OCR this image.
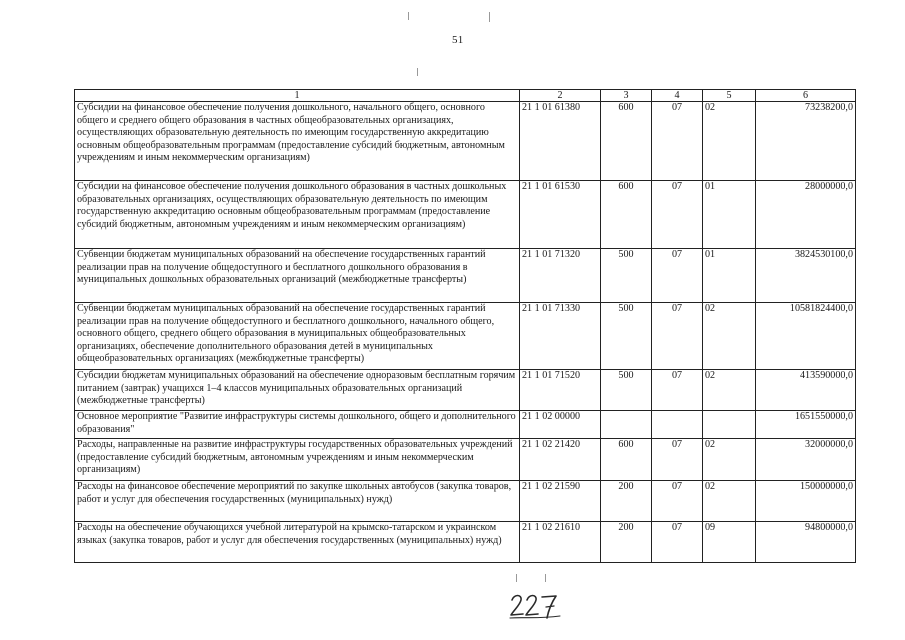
51
1	2	3	4	5	6
Субсидии на финансовое обеспечение получения дошкольного, начального общего, основного общего и среднего общего образования в частных общеобразовательных организациях, осуществляющих образовательную деятельность по имеющим государственную аккредитацию основным общеобразовательным программам (предоставление субсидий бюджетным, автономным учреждениям и иным некоммерческим организациям)	21 1 01 61380	600	07	02	73238200,0
Субсидии на финансовое обеспечение получения дошкольного образования в частных дошкольных образовательных организациях, осуществляющих образовательную деятельность по имеющим государственную аккредитацию основным общеобразовательным программам (предоставление субсидий бюджетным, автономным учреждениям и иным некоммерческим организациям)	21 1 01 61530	600	07	01	28000000,0
Субвенции бюджетам муниципальных образований на обеспечение государственных гарантий реализации прав на получение общедоступного и бесплатного дошкольного образования в муниципальных дошкольных образовательных организаций (межбюджетные трансферты)	21 1 01 71320	500	07	01	3824530100,0
Субвенции бюджетам муниципальных образований на обеспечение государственных гарантий реализации прав на получение общедоступного и бесплатного дошкольного, начального общего, основного общего, среднего общего образования в муниципальных общеобразовательных организациях, обеспечение дополнительного образования детей в муниципальных общеобразовательных организациях (межбюджетные трансферты)	21 1 01 71330	500	07	02	10581824400,0
Субсидии бюджетам муниципальных образований на обеспечение одноразовым бесплатным горячим питанием (завтрак) учащихся 1–4 классов муниципальных образовательных организаций (межбюджетные трансферты)	21 1 01 71520	500	07	02	413590000,0
Основное мероприятие "Развитие инфраструктуры системы дошкольного, общего и дополнительного образования"	21 1 02 00000				1651550000,0
Расходы, направленные на развитие инфраструктуры государственных образовательных учреждений (предоставление субсидий бюджетным, автономным учреждениям и иным некоммерческим организациям)	21 1 02 21420	600	07	02	32000000,0
Расходы на финансовое обеспечение мероприятий по закупке школьных автобусов (закупка товаров, работ и услуг для обеспечения государственных (муниципальных) нужд)	21 1 02 21590	200	07	02	150000000,0
Расходы на обеспечение обучающихся учебной литературой на крымско-татарском и украинском языках (закупка товаров, работ и услуг для обеспечения государственных (муниципальных) нужд)	21 1 02 21610	200	07	09	94800000,0
